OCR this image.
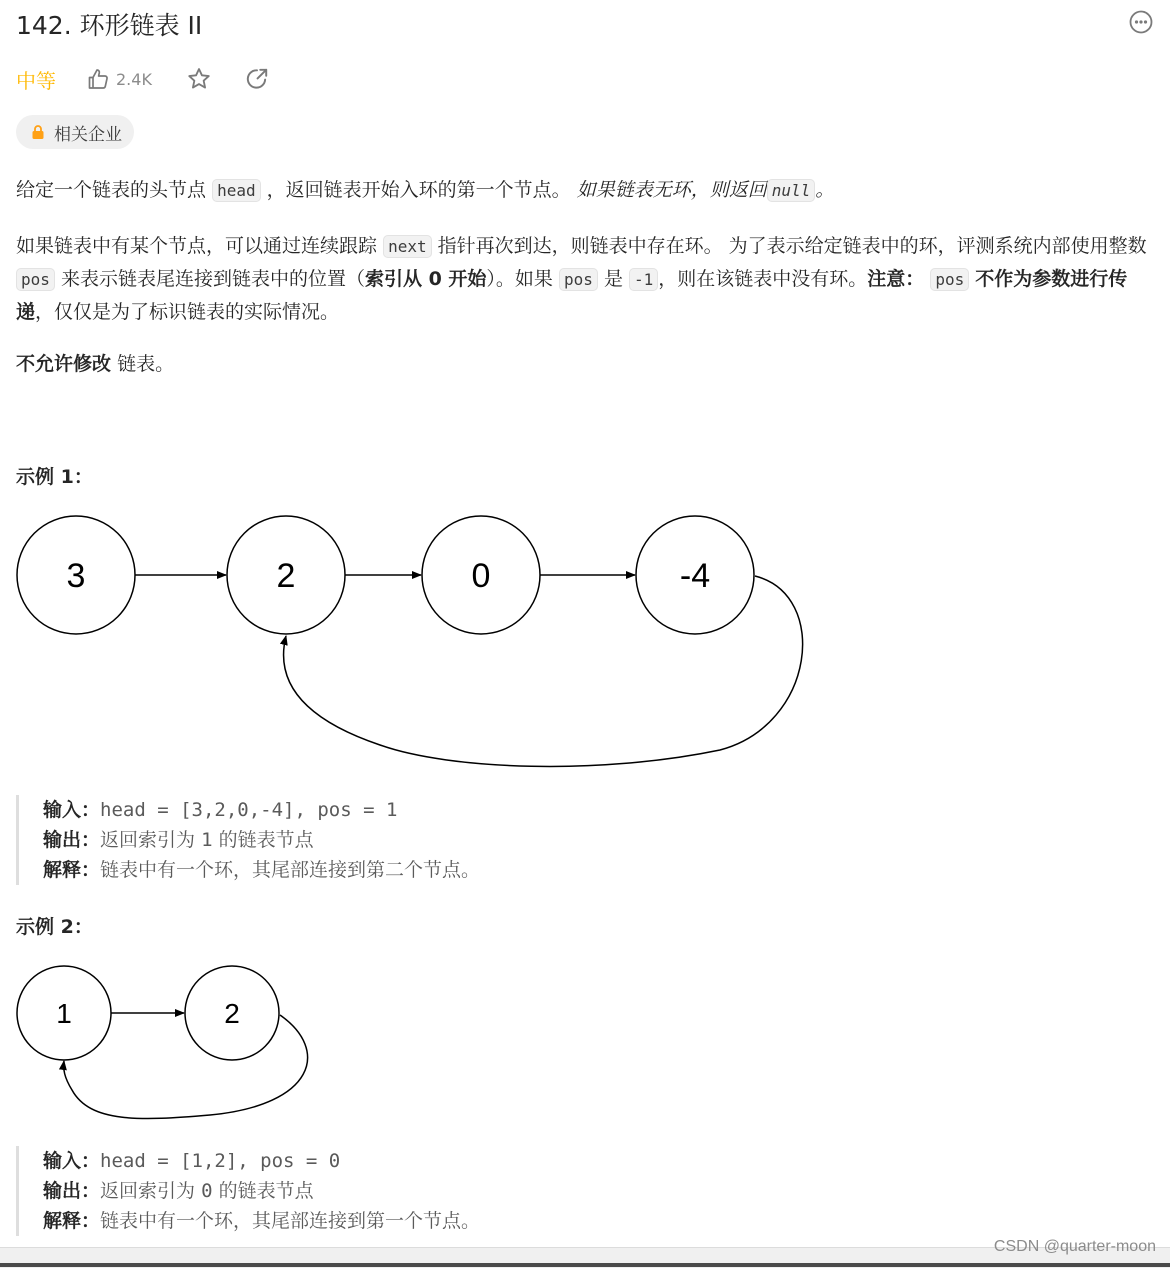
142. 环形链表 II
中等	2.4K
相关企业
给定一个链表的头节点 head ，返回链表开始入环的第一个节点。 如果链表无环，则返回 null 。
如果链表中有某个节点，可以通过连续跟踪 next 指针再次到达，则链表中存在环。 为了表示给定链表中的环，评测系统内部使用整数 pos 来表示链表尾连接到链表中的位置（索引从 0 开始）。如果 pos 是 -1 ，则在该链表中没有环。注意： pos 不作为参数进行传递，仅仅是为了标识链表的实际情况。
不允许修改 链表。
示例 1：
3	2	0	-4
输入：head = [3,2,0,-4], pos = 1
输出：返回索引为 1 的链表节点
解释：链表中有一个环，其尾部连接到第二个节点。
示例 2：
1	2
输入：head = [1,2], pos = 0
输出：返回索引为 0 的链表节点
解释：链表中有一个环，其尾部连接到第一个节点。
CSDN @quarter-moon
